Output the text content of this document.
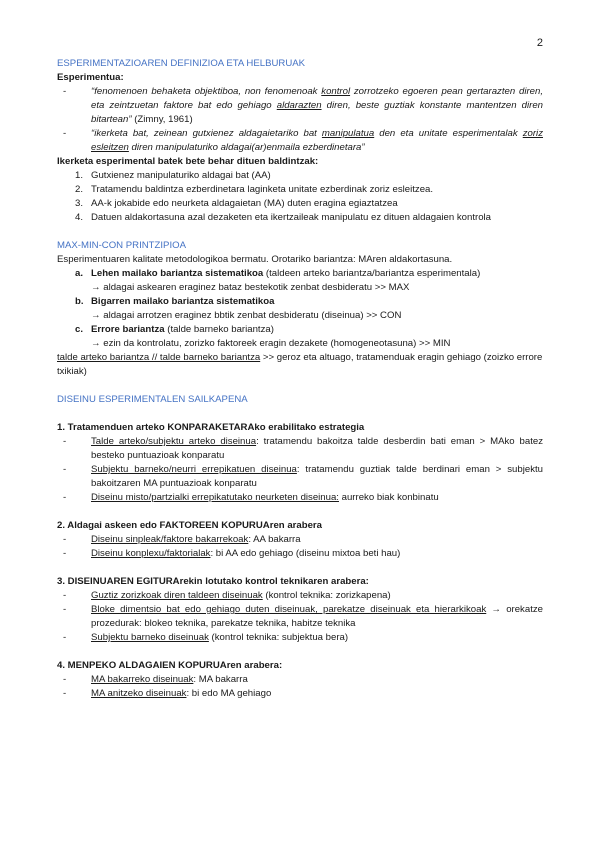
2

ESPERIMENTAZIOAREN DEFINIZIOA ETA HELBURUAK

Esperimentua:

-	“fenomenoen behaketa objektiboa, non fenomenoak kontrol zorrotzeko egoeren pean gertarazten diren, eta zeintzuetan faktore bat edo gehiago aldarazten diren, beste guztiak konstante mantentzen diren bitartean” (Zimny, 1961)
-	“ikerketa bat, zeinean gutxienez aldagaietariko bat manipulatua den eta unitate esperimentalak zoriz esleitzen diren manipulaturiko aldagai(ar)enmaila ezberdinetara”

Ikerketa esperimental batek bete behar dituen baldintzak:

1. Gutxienez manipulaturiko aldagai bat (AA)
2. Tratamendu baldintza ezberdinetara laginketa unitate ezberdinak zoriz esleitzea.
3. AA-k jokabide edo neurketa aldagaietan (MA) duten eragina egiaztatzea
4. Datuen aldakortasuna azal dezaketen eta ikertzaileak manipulatu ez dituen aldagaien kontrola

MAX-MIN-CON PRINTZIPIOA

Esperimentuaren kalitate metodologikoa bermatu. Orotariko bariantza: MAren aldakortasuna.

a. Lehen mailako bariantza sistematikoa (taldeen arteko bariantza/bariantza esperimentala)

→ aldagai askearen eraginez bataz bestekotik zenbat desbideratu >> MAX

b. Bigarren mailako bariantza sistematikoa

→ aldagai arrotzen eraginez bbtik zenbat desbideratu (diseinua) >> CON

c. Errore bariantza (talde barneko bariantza)

→ ezin da kontrolatu, zorizko faktoreek eragin dezakete (homogeneotasuna) >> MIN

talde arteko bariantza // talde barneko bariantza >> geroz eta altuago, tratamenduak eragin gehiago (zoizko errore txikiak)

DISEINU ESPERIMENTALEN SAILKAPENA

1. Tratamenduen arteko KONPARAKETARAko erabilitako estrategia

-	Talde arteko/subjektu arteko diseinua: tratamendu bakoitza talde desberdin bati eman > MAko batez besteko puntuazioak konparatu
-	Subjektu barneko/neurri errepikatuen diseinua: tratamendu guztiak talde berdinari eman > subjektu bakoitzaren MA puntuazioak konparatu
-	Diseinu misto/partzialki errepikatutako neurketen diseinua: aurreko biak konbinatu

2. Aldagai askeen edo FAKTOREEN KOPURUAren arabera

-	Diseinu sinpleak/faktore bakarrekoak: AA bakarra
-	Diseinu konplexu/faktorialak: bi AA edo gehiago (diseinu mixtoa beti hau)

3. DISEINUAREN EGITURArekin lotutako kontrol teknikaren arabera:

-	Guztiz zorizkoak diren taldeen diseinuak (kontrol teknika: zorizkapena)
-	Bloke dimentsio bat edo gehiago duten diseinuak, parekatze diseinuak eta hierarkikoak → orekatze prozedurak: blokeo teknika, parekatze teknika, habitze teknika
-	Subjektu barneko diseinuak (kontrol teknika: subjektua bera)

4. MENPEKO ALDAGAIEN KOPURUAren arabera:

-	MA bakarreko diseinuak: MA bakarra
-	MA anitzeko diseinuak: bi edo MA gehiago
